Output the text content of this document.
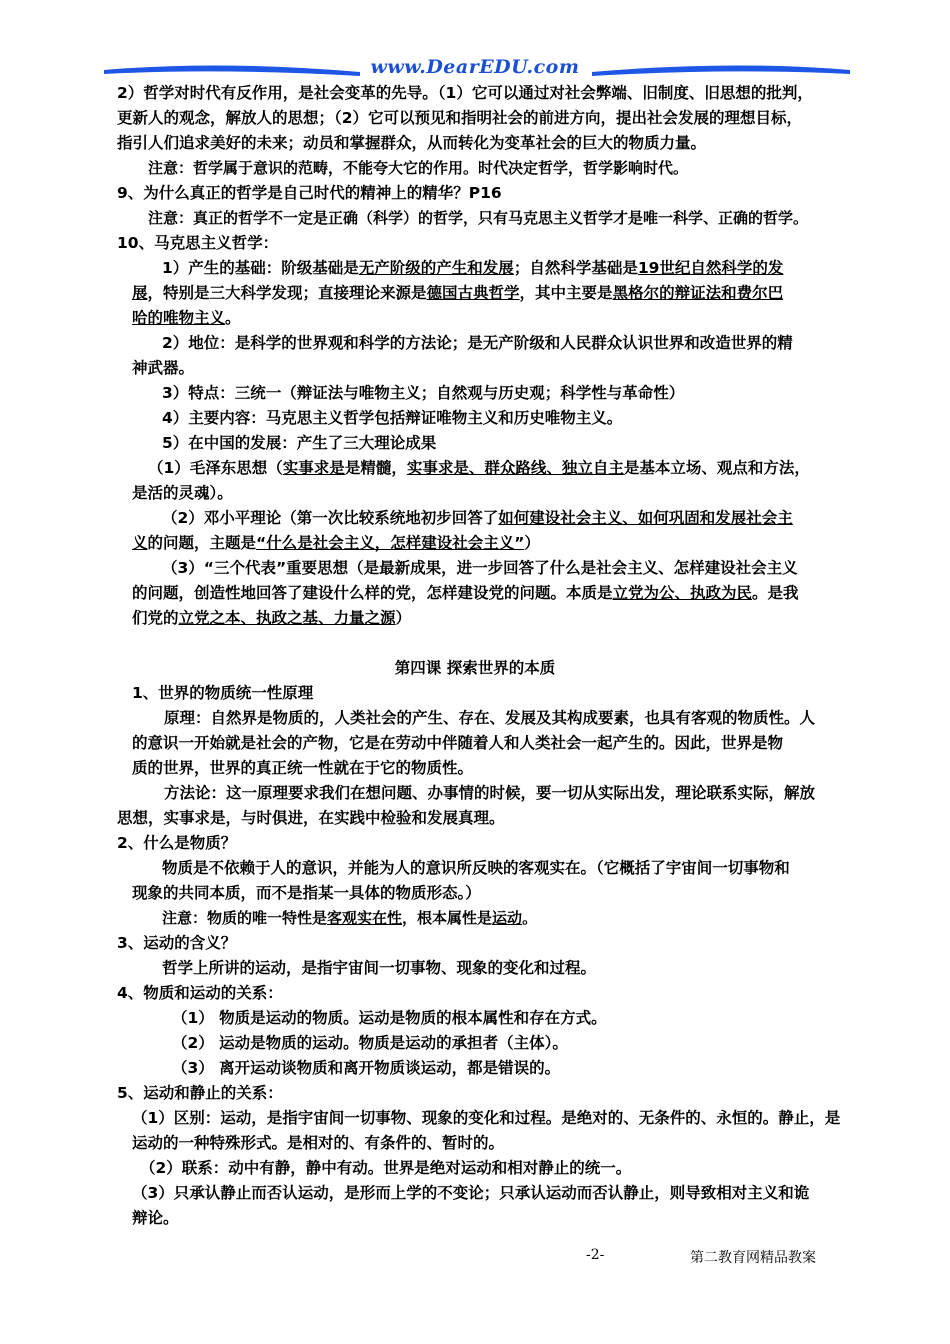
www.DearEDU.com
2）哲学对时代有反作用，是社会变革的先导。（1）它可以通过对社会弊端、旧制度、旧思想的批判，
更新人的观念，解放人的思想；（2）它可以预见和指明社会的前进方向，提出社会发展的理想目标，
指引人们追求美好的未来；动员和掌握群众，从而转化为变革社会的巨大的物质力量。
注意：哲学属于意识的范畴，不能夸大它的作用。时代决定哲学，哲学影响时代。
9、为什么真正的哲学是自己时代的精神上的精华？P16
注意：真正的哲学不一定是正确（科学）的哲学，只有马克思主义哲学才是唯一科学、正确的哲学。
10、马克思主义哲学：
1）产生的基础：阶级基础是无产阶级的产生和发展；自然科学基础是19世纪自然科学的发
展，特别是三大科学发现；直接理论来源是德国古典哲学，其中主要是黑格尔的辩证法和费尔巴
哈的唯物主义。
2）地位：是科学的世界观和科学的方法论；是无产阶级和人民群众认识世界和改造世界的精
神武器。
3）特点：三统一（辩证法与唯物主义；自然观与历史观；科学性与革命性）
4）主要内容：马克思主义哲学包括辩证唯物主义和历史唯物主义。
5）在中国的发展：产生了三大理论成果
（1）毛泽东思想（实事求是是精髓，实事求是、群众路线、独立自主是基本立场、观点和方法，
是活的灵魂）。
（2）邓小平理论（第一次比较系统地初步回答了如何建设社会主义、如何巩固和发展社会主
义的问题，主题是“什么是社会主义，怎样建设社会主义”）
（3）“三个代表”重要思想（是最新成果，进一步回答了什么是社会主义、怎样建设社会主义
的问题，创造性地回答了建设什么样的党，怎样建设党的问题。本质是立党为公、执政为民。是我
们党的立党之本、执政之基、力量之源）
第四课 探索世界的本质
1、世界的物质统一性原理
原理：自然界是物质的，人类社会的产生、存在、发展及其构成要素，也具有客观的物质性。人
的意识一开始就是社会的产物，它是在劳动中伴随着人和人类社会一起产生的。因此，世界是物
质的世界，世界的真正统一性就在于它的物质性。
方法论：这一原理要求我们在想问题、办事情的时候，要一切从实际出发，理论联系实际，解放
思想，实事求是，与时俱进，在实践中检验和发展真理。
2、什么是物质？
物质是不依赖于人的意识，并能为人的意识所反映的客观实在。（它概括了宇宙间一切事物和
现象的共同本质，而不是指某一具体的物质形态。）
注意：物质的唯一特性是客观实在性，根本属性是运动。
3、运动的含义？
哲学上所讲的运动，是指宇宙间一切事物、现象的变化和过程。
4、物质和运动的关系：
（1） 物质是运动的物质。运动是物质的根本属性和存在方式。
（2） 运动是物质的运动。物质是运动的承担者（主体）。
（3） 离开运动谈物质和离开物质谈运动，都是错误的。
5、运动和静止的关系：
（1）区别：运动，是指宇宙间一切事物、现象的变化和过程。是绝对的、无条件的、永恒的。静止，是
运动的一种特殊形式。是相对的、有条件的、暂时的。
（2）联系：动中有静，静中有动。世界是绝对运动和相对静止的统一。
（3）只承认静止而否认运动，是形而上学的不变论；只承认运动而否认静止，则导致相对主义和诡
辩论。
-2-	第二教育网精品教案
